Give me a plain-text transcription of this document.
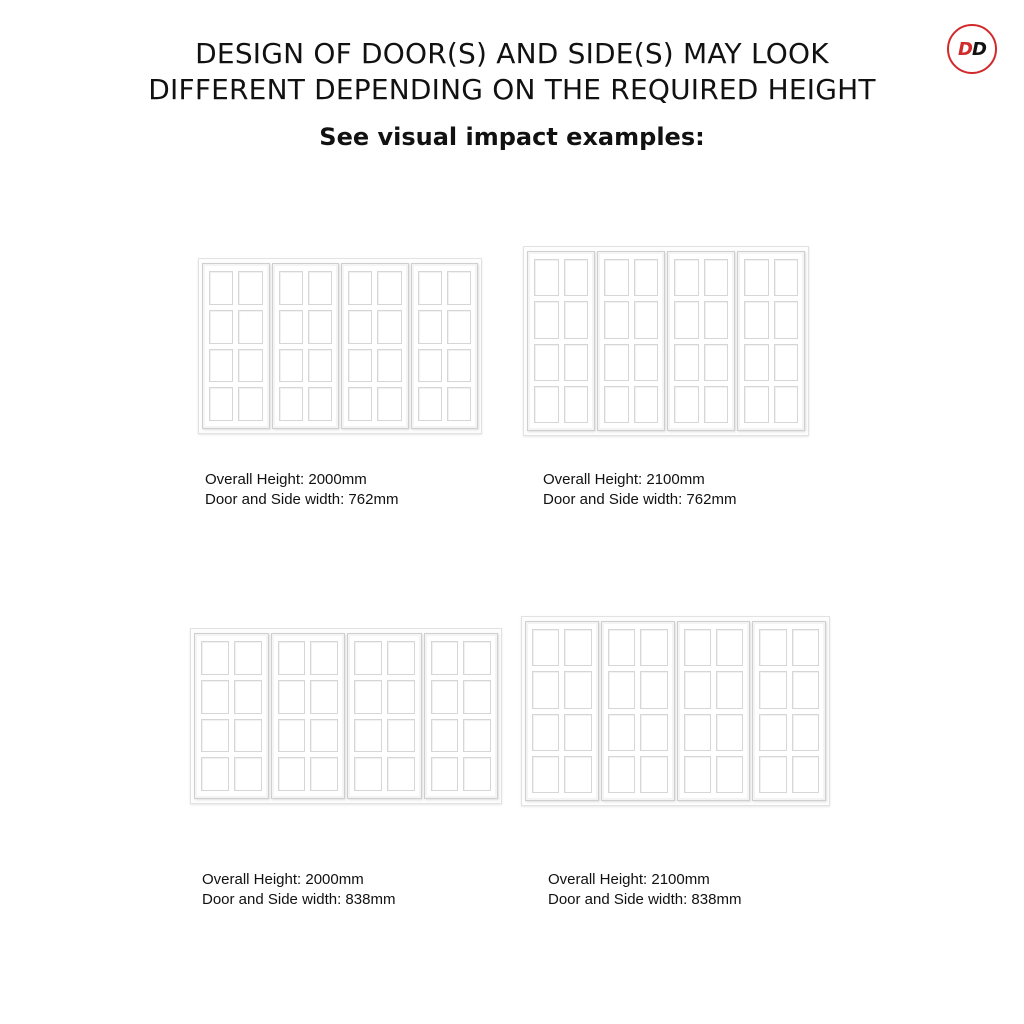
DESIGN OF DOOR(S) AND SIDE(S) MAY LOOK
DIFFERENT DEPENDING ON THE REQUIRED HEIGHT
See visual impact examples:
D D
Overall Height: 2000mm
Door and Side width: 762mm
Overall Height: 2100mm
Door and Side width: 762mm
Overall Height: 2000mm
Door and Side width: 838mm
Overall Height: 2100mm
Door and Side width: 838mm
